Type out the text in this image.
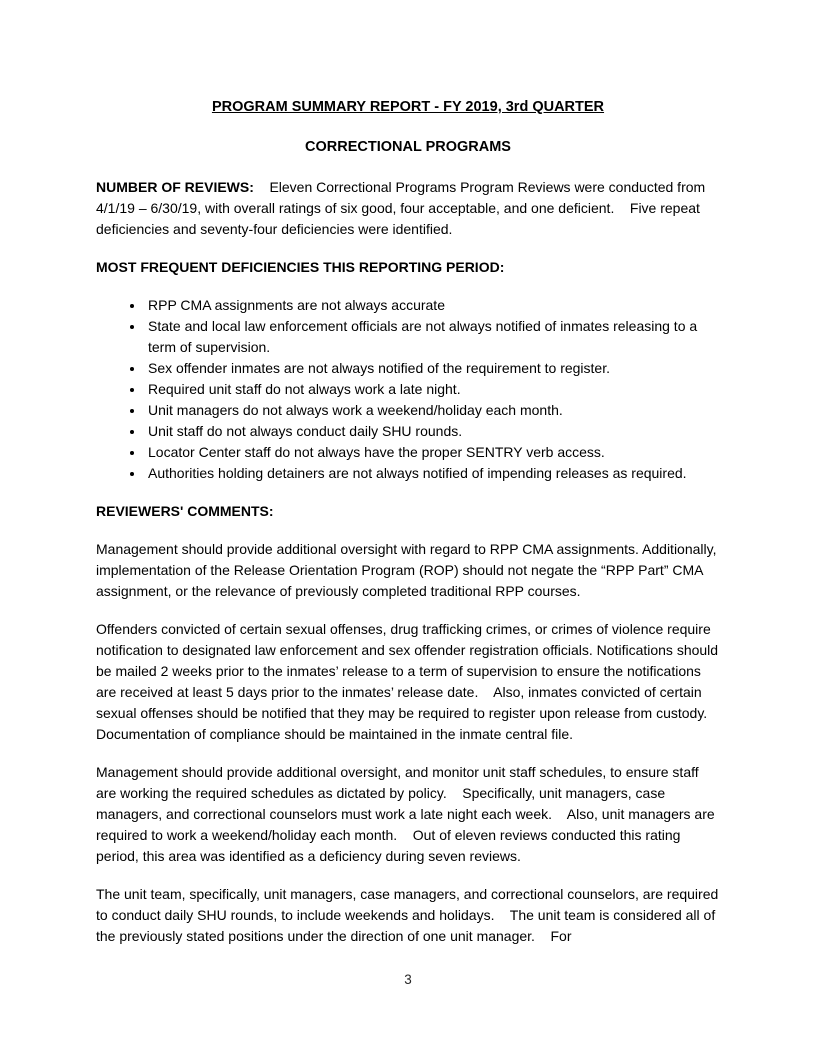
PROGRAM SUMMARY REPORT - FY 2019, 3rd QUARTER
CORRECTIONAL PROGRAMS

NUMBER OF REVIEWS:    Eleven Correctional Programs Program Reviews were conducted from 4/1/19 – 6/30/19, with overall ratings of six good, four acceptable, and one deficient.    Five repeat deficiencies and seventy-four deficiencies were identified.

MOST FREQUENT DEFICIENCIES THIS REPORTING PERIOD:

• RPP CMA assignments are not always accurate
• State and local law enforcement officials are not always notified of inmates releasing to a term of supervision.
• Sex offender inmates are not always notified of the requirement to register.
• Required unit staff do not always work a late night.
• Unit managers do not always work a weekend/holiday each month.
• Unit staff do not always conduct daily SHU rounds.
• Locator Center staff do not always have the proper SENTRY verb access.
• Authorities holding detainers are not always notified of impending releases as required.

REVIEWERS' COMMENTS:

Management should provide additional oversight with regard to RPP CMA assignments. Additionally, implementation of the Release Orientation Program (ROP) should not negate the “RPP Part” CMA assignment, or the relevance of previously completed traditional RPP courses.

Offenders convicted of certain sexual offenses, drug trafficking crimes, or crimes of violence require notification to designated law enforcement and sex offender registration officials. Notifications should be mailed 2 weeks prior to the inmates’ release to a term of supervision to ensure the notifications are received at least 5 days prior to the inmates’ release date.    Also, inmates convicted of certain sexual offenses should be notified that they may be required to register upon release from custody.    Documentation of compliance should be maintained in the inmate central file.

Management should provide additional oversight, and monitor unit staff schedules, to ensure staff are working the required schedules as dictated by policy.    Specifically, unit managers, case managers, and correctional counselors must work a late night each week.    Also, unit managers are required to work a weekend/holiday each month.    Out of eleven reviews conducted this rating period, this area was identified as a deficiency during seven reviews.

The unit team, specifically, unit managers, case managers, and correctional counselors, are required to conduct daily SHU rounds, to include weekends and holidays.    The unit team is considered all of the previously stated positions under the direction of one unit manager.    For

3
